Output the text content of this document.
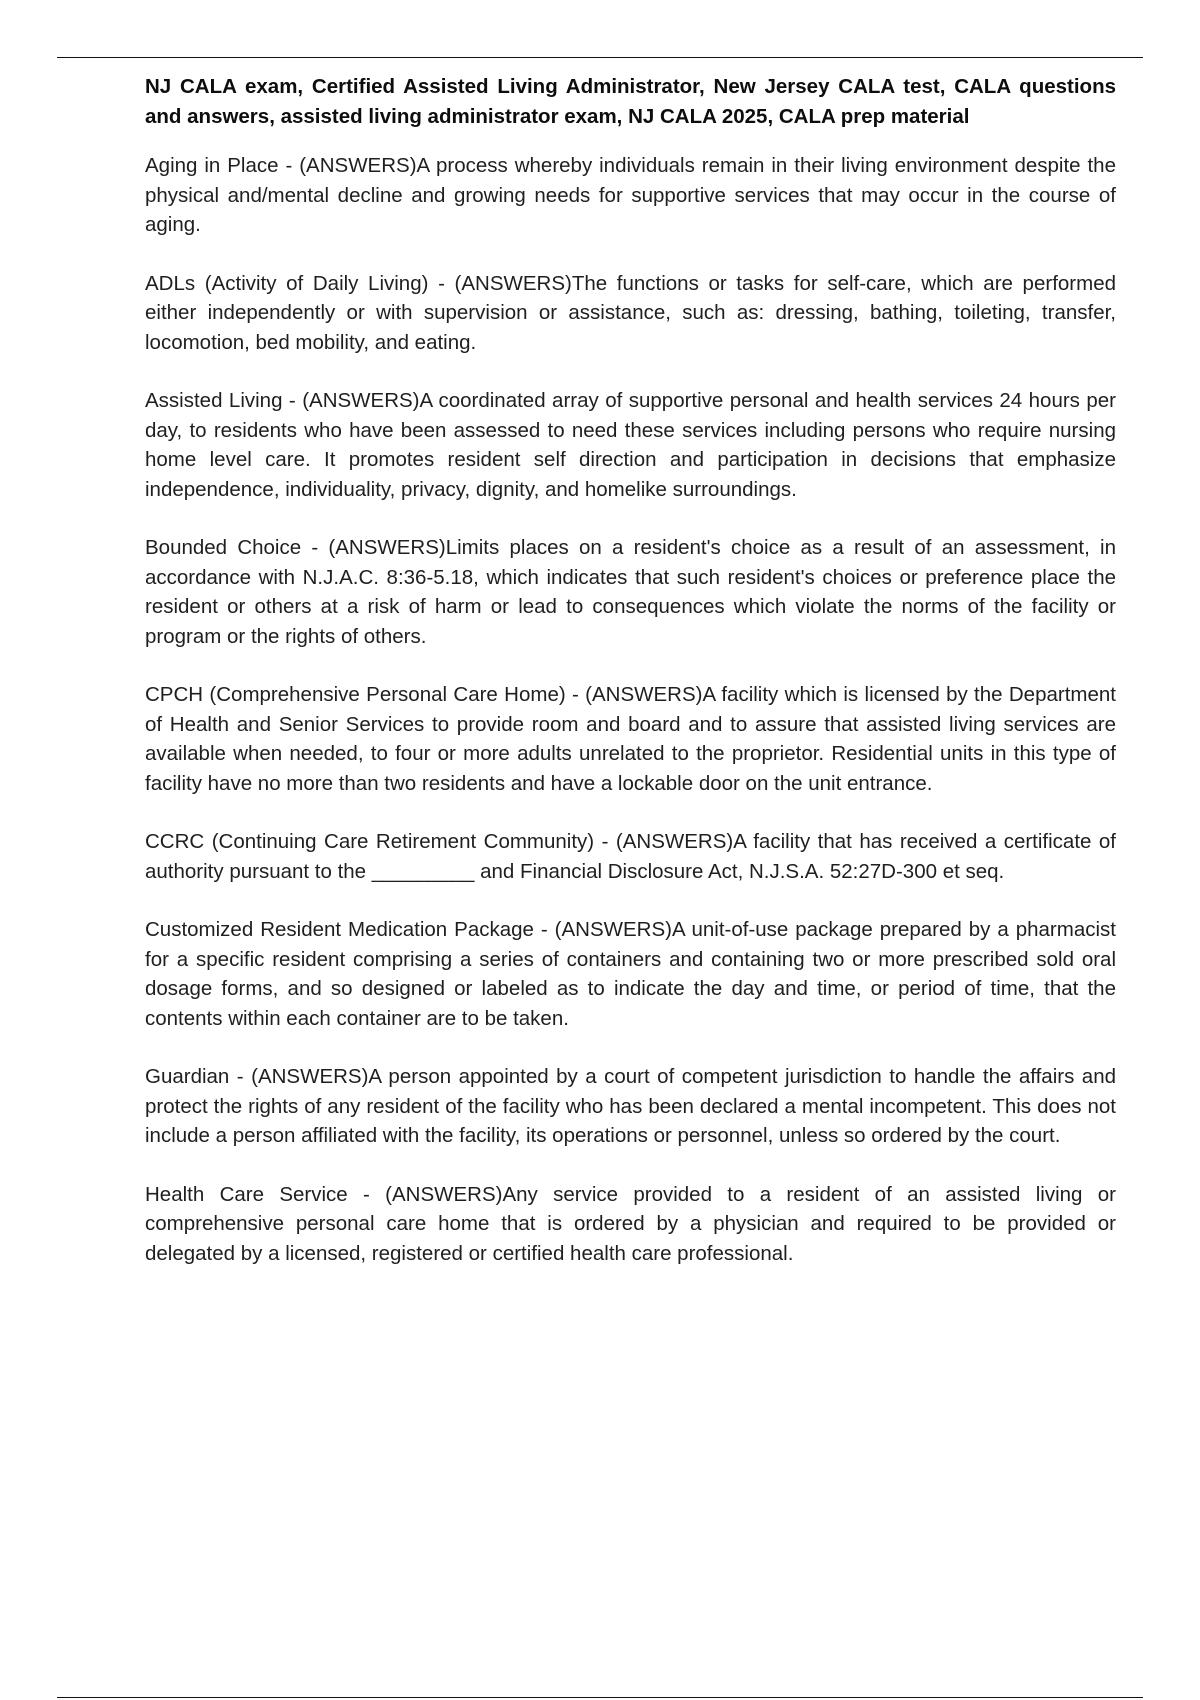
NJ CALA exam, Certified Assisted Living Administrator, New Jersey CALA test, CALA questions and answers, assisted living administrator exam, NJ CALA 2025, CALA prep material

Aging in Place - (ANSWERS)A process whereby individuals remain in their living environment despite the physical and/mental decline and growing needs for supportive services that may occur in the course of aging.

ADLs (Activity of Daily Living) - (ANSWERS)The functions or tasks for self-care, which are performed either independently or with supervision or assistance, such as: dressing, bathing, toileting, transfer, locomotion, bed mobility, and eating.

Assisted Living - (ANSWERS)A coordinated array of supportive personal and health services 24 hours per day, to residents who have been assessed to need these services including persons who require nursing home level care. It promotes resident self direction and participation in decisions that emphasize independence, individuality, privacy, dignity, and homelike surroundings.

Bounded Choice - (ANSWERS)Limits places on a resident's choice as a result of an assessment, in accordance with N.J.A.C. 8:36-5.18, which indicates that such resident's choices or preference place the resident or others at a risk of harm or lead to consequences which violate the norms of the facility or program or the rights of others.

CPCH (Comprehensive Personal Care Home) - (ANSWERS)A facility which is licensed by the Department of Health and Senior Services to provide room and board and to assure that assisted living services are available when needed, to four or more adults unrelated to the proprietor. Residential units in this type of facility have no more than two residents and have a lockable door on the unit entrance.

CCRC (Continuing Care Retirement Community) - (ANSWERS)A facility that has received a certificate of authority pursuant to the _________ and Financial Disclosure Act, N.J.S.A. 52:27D-300 et seq.

Customized Resident Medication Package - (ANSWERS)A unit-of-use package prepared by a pharmacist for a specific resident comprising a series of containers and containing two or more prescribed sold oral dosage forms, and so designed or labeled as to indicate the day and time, or period of time, that the contents within each container are to be taken.

Guardian - (ANSWERS)A person appointed by a court of competent jurisdiction to handle the affairs and protect the rights of any resident of the facility who has been declared a mental incompetent. This does not include a person affiliated with the facility, its operations or personnel, unless so ordered by the court.

Health Care Service - (ANSWERS)Any service provided to a resident of an assisted living or comprehensive personal care home that is ordered by a physician and required to be provided or delegated by a licensed, registered or certified health care professional.
